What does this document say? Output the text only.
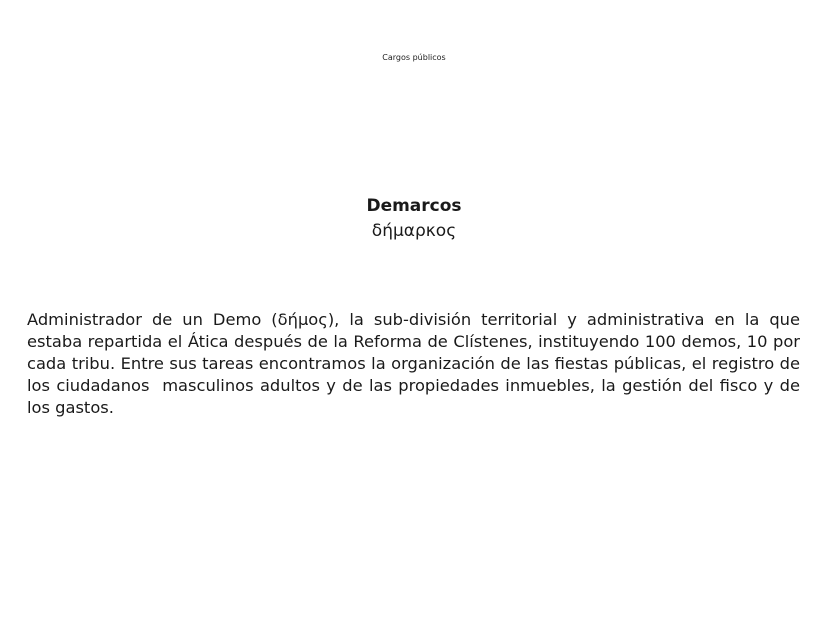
Cargos públicos
Demarcos
δήμαρκος
Administrador de un Demo (δήμος), la sub-división territorial y administrativa en la que estaba repartida el Ática después de la Reforma de Clístenes, instituyendo 100 demos, 10 por cada tribu. Entre sus tareas encontramos la organización de las fiestas públicas, el registro de los ciudadanos  masculinos adultos y de las propiedades inmuebles, la gestión del fisco y de los gastos.
